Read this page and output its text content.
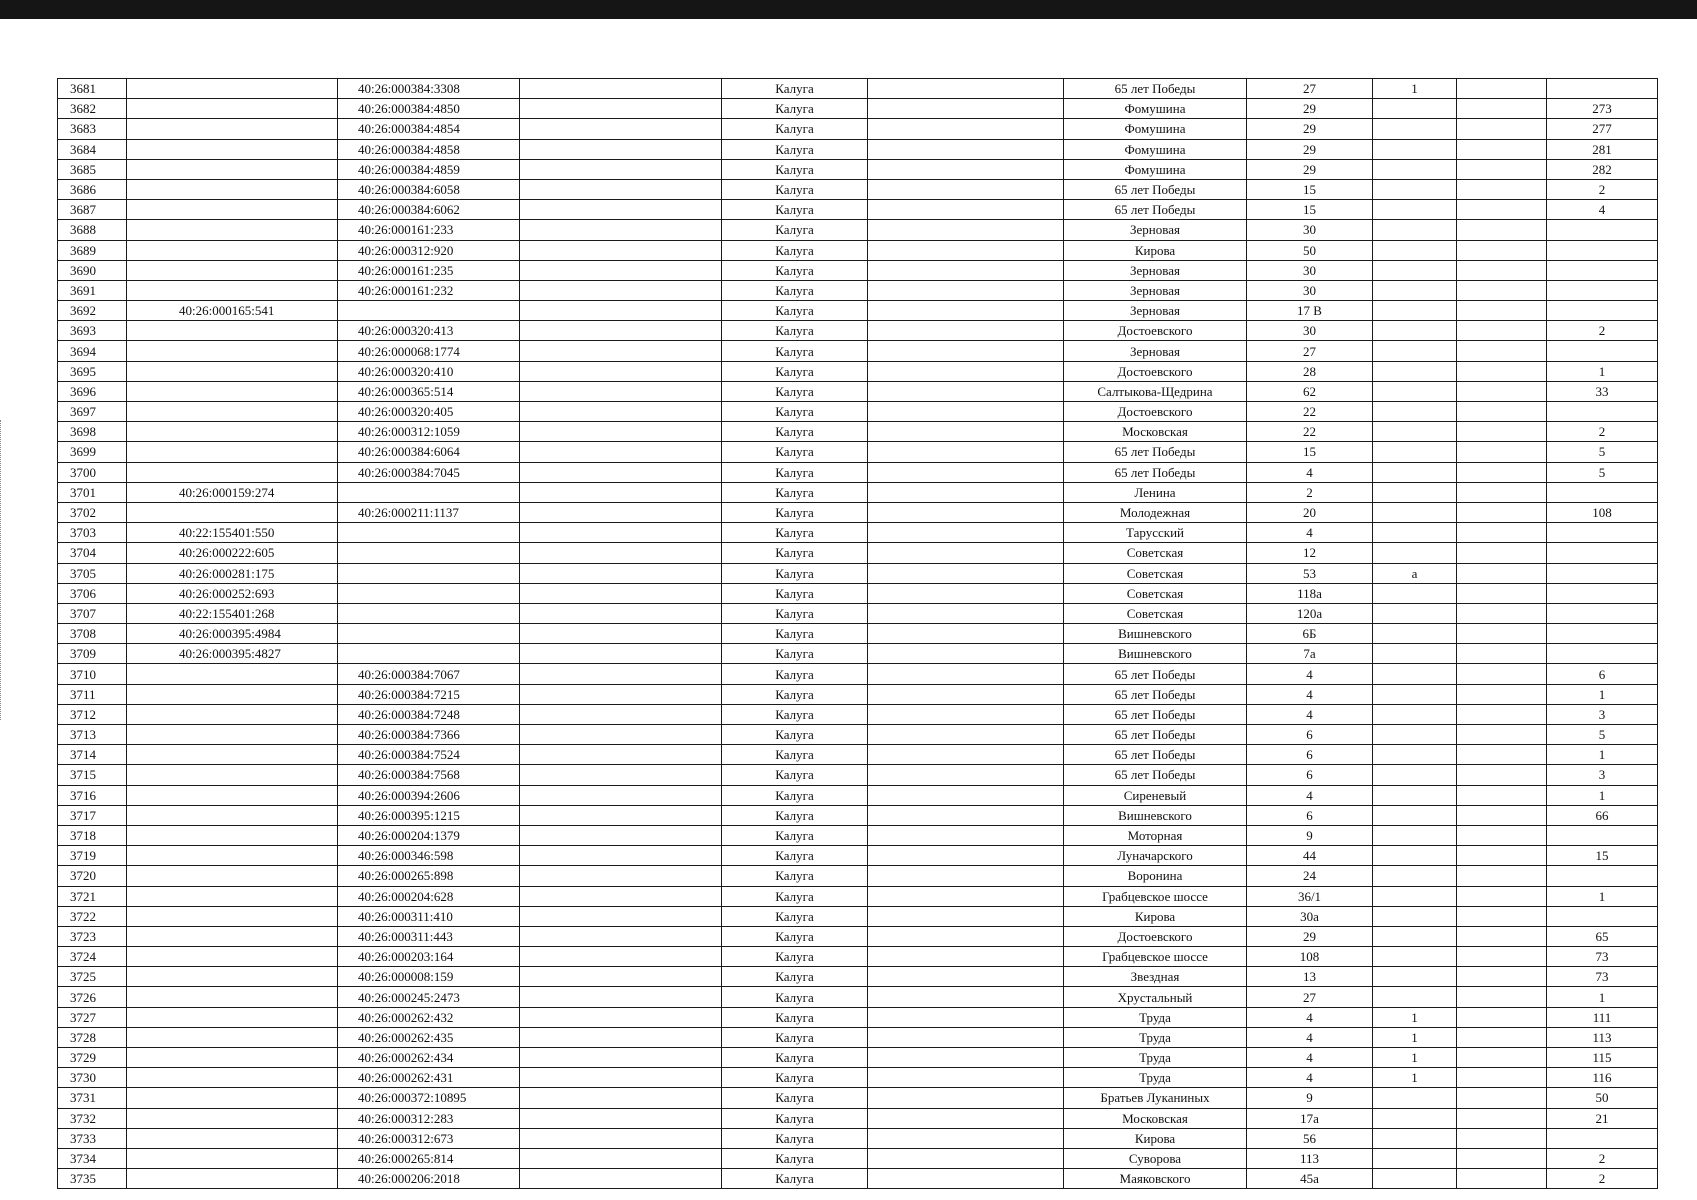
3681		40:26:000384:3308		Калуга		65 лет Победы	27	1		
3682		40:26:000384:4850		Калуга		Фомушина	29			273
3683		40:26:000384:4854		Калуга		Фомушина	29			277
3684		40:26:000384:4858		Калуга		Фомушина	29			281
3685		40:26:000384:4859		Калуга		Фомушина	29			282
3686		40:26:000384:6058		Калуга		65 лет Победы	15			2
3687		40:26:000384:6062		Калуга		65 лет Победы	15			4
3688		40:26:000161:233		Калуга		Зерновая	30			
3689		40:26:000312:920		Калуга		Кирова	50			
3690		40:26:000161:235		Калуга		Зерновая	30			
3691		40:26:000161:232		Калуга		Зерновая	30			
3692	40:26:000165:541			Калуга		Зерновая	17 В			
3693		40:26:000320:413		Калуга		Достоевского	30			2
3694		40:26:000068:1774		Калуга		Зерновая	27			
3695		40:26:000320:410		Калуга		Достоевского	28			1
3696		40:26:000365:514		Калуга		Салтыкова-Щедрина	62			33
3697		40:26:000320:405		Калуга		Достоевского	22			
3698		40:26:000312:1059		Калуга		Московская	22			2
3699		40:26:000384:6064		Калуга		65 лет Победы	15			5
3700		40:26:000384:7045		Калуга		65 лет Победы	4			5
3701	40:26:000159:274			Калуга		Ленина	2			
3702		40:26:000211:1137		Калуга		Молодежная	20			108
3703	40:22:155401:550			Калуга		Тарусский	4			
3704	40:26:000222:605			Калуга		Советская	12			
3705	40:26:000281:175			Калуга		Советская	53	а		
3706	40:26:000252:693			Калуга		Советская	118а			
3707	40:22:155401:268			Калуга		Советская	120а			
3708	40:26:000395:4984			Калуга		Вишневского	6Б			
3709	40:26:000395:4827			Калуга		Вишневского	7а			
3710		40:26:000384:7067		Калуга		65 лет Победы	4			6
3711		40:26:000384:7215		Калуга		65 лет Победы	4			1
3712		40:26:000384:7248		Калуга		65 лет Победы	4			3
3713		40:26:000384:7366		Калуга		65 лет Победы	6			5
3714		40:26:000384:7524		Калуга		65 лет Победы	6			1
3715		40:26:000384:7568		Калуга		65 лет Победы	6			3
3716		40:26:000394:2606		Калуга		Сиреневый	4			1
3717		40:26:000395:1215		Калуга		Вишневского	6			66
3718		40:26:000204:1379		Калуга		Моторная	9			
3719		40:26:000346:598		Калуга		Луначарского	44			15
3720		40:26:000265:898		Калуга		Воронина	24			
3721		40:26:000204:628		Калуга		Грабцевское шоссе	36/1			1
3722		40:26:000311:410		Калуга		Кирова	30а			
3723		40:26:000311:443		Калуга		Достоевского	29			65
3724		40:26:000203:164		Калуга		Грабцевское шоссе	108			73
3725		40:26:000008:159		Калуга		Звездная	13			73
3726		40:26:000245:2473		Калуга		Хрустальный	27			1
3727		40:26:000262:432		Калуга		Труда	4	1		111
3728		40:26:000262:435		Калуга		Труда	4	1		113
3729		40:26:000262:434		Калуга		Труда	4	1		115
3730		40:26:000262:431		Калуга		Труда	4	1		116
3731		40:26:000372:10895		Калуга		Братьев Луканиных	9			50
3732		40:26:000312:283		Калуга		Московская	17а			21
3733		40:26:000312:673		Калуга		Кирова	56			
3734		40:26:000265:814		Калуга		Суворова	113			2
3735		40:26:000206:2018		Калуга		Маяковского	45а			2
